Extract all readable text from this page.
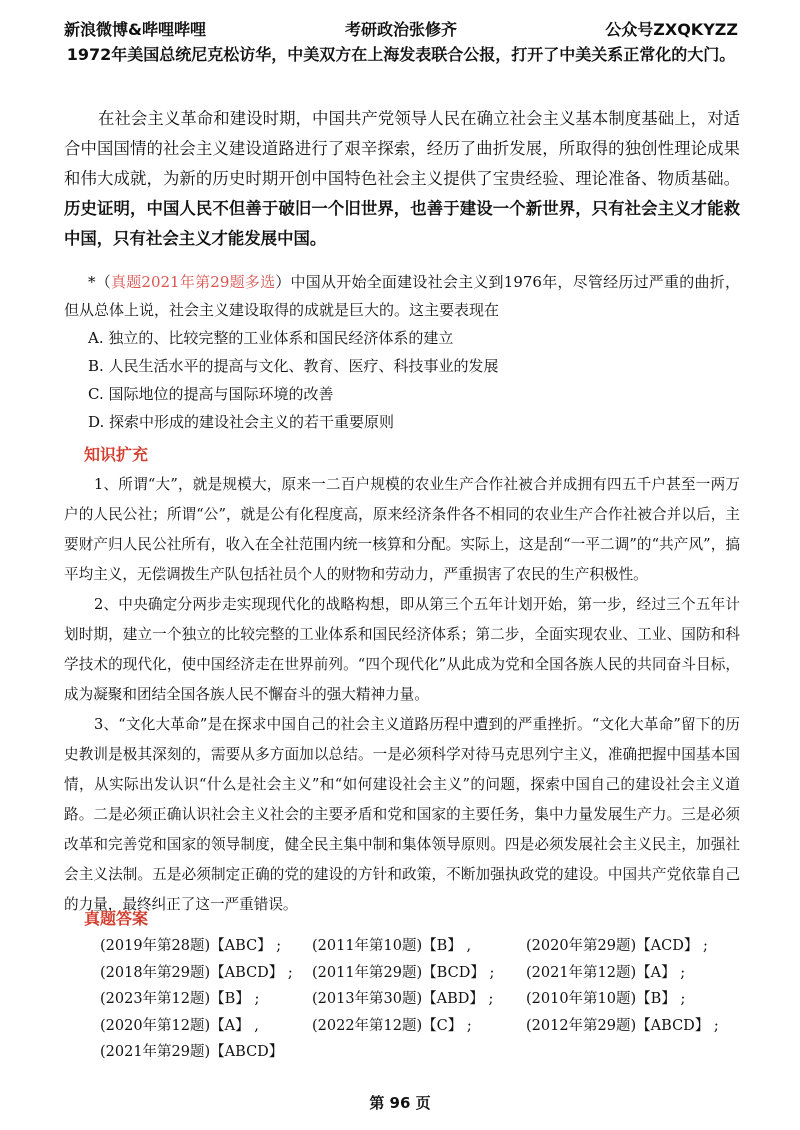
新浪微博&哔哩哔哩	考研政治张修齐	公众号ZXQKYZZ
1972年美国总统尼克松访华，中美双方在上海发表联合公报，打开了中美关系正常化的大门。
在社会主义革命和建设时期，中国共产党领导人民在确立社会主义基本制度基础上，对适合中国国情的社会主义建设道路进行了艰辛探索，经历了曲折发展，所取得的独创性理论成果和伟大成就，为新的历史时期开创中国特色社会主义提供了宝贵经验、理论准备、物质基础。历史证明，中国人民不但善于破旧一个旧世界，也善于建设一个新世界，只有社会主义才能救中国，只有社会主义才能发展中国。
*（真题2021年第29题多选）中国从开始全面建设社会主义到1976年，尽管经历过严重的曲折，但从总体上说，社会主义建设取得的成就是巨大的。这主要表现在
A. 独立的、比较完整的工业体系和国民经济体系的建立
B. 人民生活水平的提高与文化、教育、医疗、科技事业的发展
C. 国际地位的提高与国际环境的改善
D. 探索中形成的建设社会主义的若干重要原则
知识扩充

1、所谓“大”，就是规模大，原来一二百户规模的农业生产合作社被合并成拥有四五千户甚至一两万户的人民公社；所谓“公”，就是公有化程度高，原来经济条件各不相同的农业生产合作社被合并以后，主要财产归人民公社所有，收入在全社范围内统一核算和分配。实际上，这是刮“一平二调”的“共产风”，搞平均主义，无偿调拨生产队包括社员个人的财物和劳动力，严重损害了农民的生产积极性。

2、中央确定分两步走实现现代化的战略构想，即从第三个五年计划开始，第一步，经过三个五年计划时期，建立一个独立的比较完整的工业体系和国民经济体系；第二步，全面实现农业、工业、国防和科学技术的现代化，使中国经济走在世界前列。“四个现代化”从此成为党和全国各族人民的共同奋斗目标，成为凝聚和团结全国各族人民不懈奋斗的强大精神力量。

3、“文化大革命”是在探求中国自己的社会主义道路历程中遭到的严重挫折。“文化大革命”留下的历史教训是极其深刻的，需要从多方面加以总结。一是必须科学对待马克思列宁主义，准确把握中国基本国情，从实际出发认识“什么是社会主义”和“如何建设社会主义”的问题，探索中国自己的建设社会主义道路。二是必须正确认识社会主义社会的主要矛盾和党和国家的主要任务，集中力量发展生产力。三是必须改革和完善党和国家的领导制度，健全民主集中制和集体领导原则。四是必须发展社会主义民主，加强社会主义法制。五是必须制定正确的党的建设的方针和政策，不断加强执政党的建设。中国共产党依靠自己的力量，最终纠正了这一严重错误。

真题答案
(2019年第28题)【ABC】 ;	(2011年第10题)【B】 ,	(2020年第29题)【ACD】 ;
(2018年第29题)【ABCD】 ;	(2011年第29题)【BCD】 ;	(2021年第12题)【A】 ;
(2023年第12题)【B】 ;	(2013年第30题)【ABD】 ;	(2010年第10题)【B】 ;
(2020年第12题)【A】 ,	(2022年第12题)【C】 ;	(2012年第29题)【ABCD】 ;
(2021年第29题)【ABCD】
第 96 页
